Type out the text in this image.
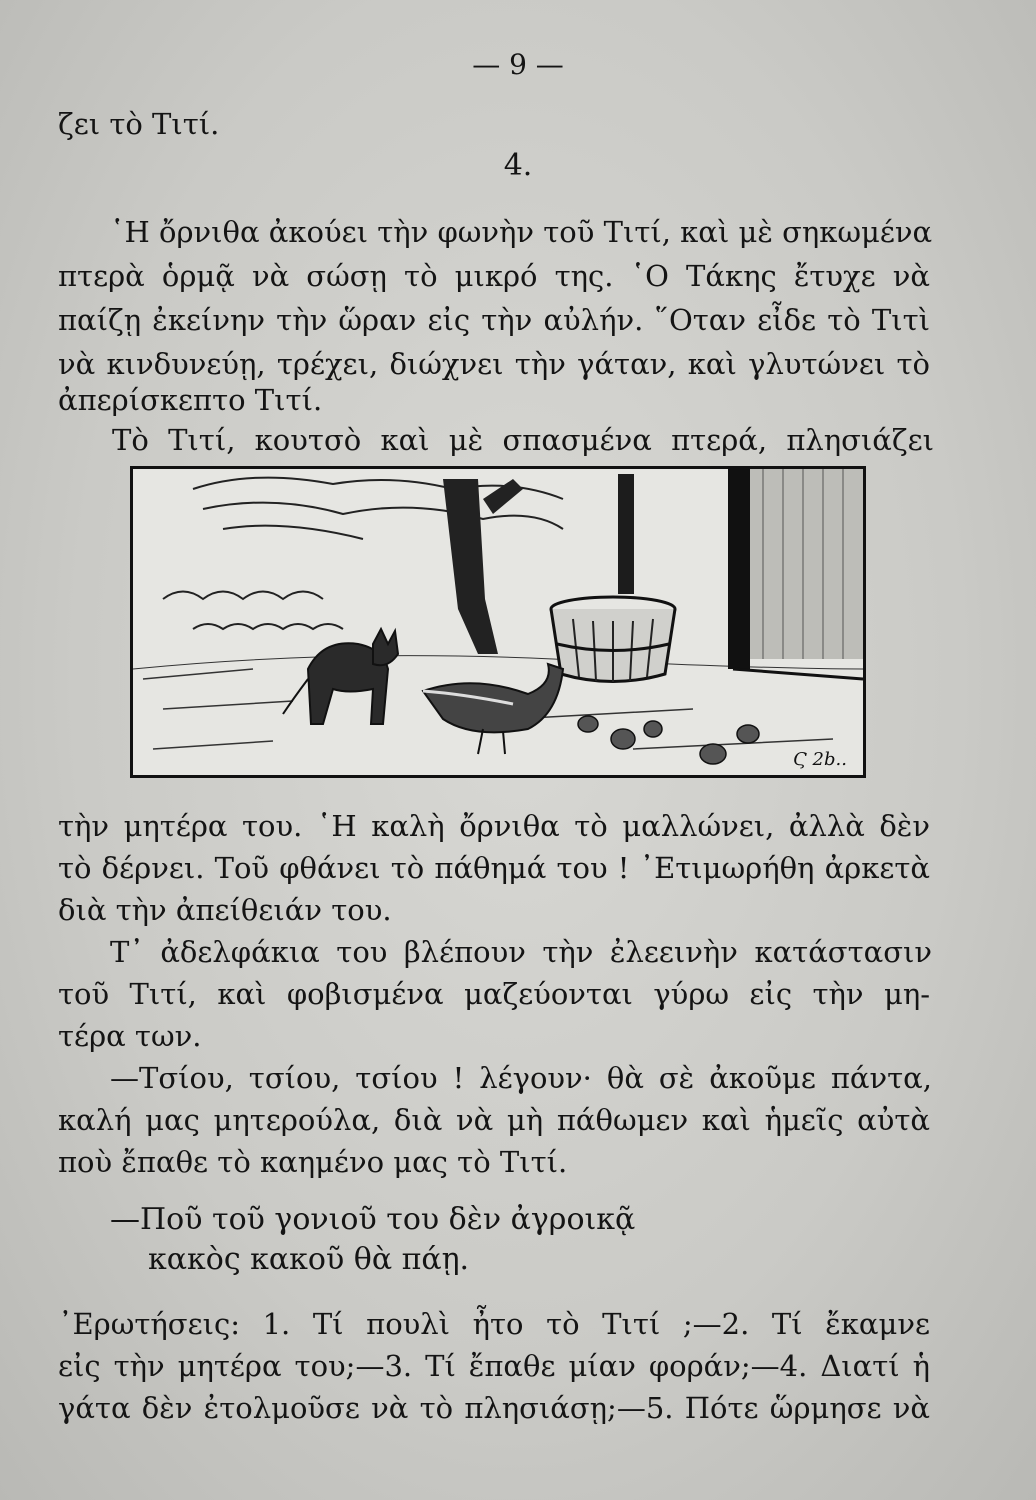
— 9 —
ζει τὸ Τιτί.
4.
῾Η ὄρνιθα ἀκούει τὴν φωνὴν τοῦ Τιτί, καὶ μὲ σηκωμένα
πτερὰ ὁρμᾷ νὰ σώσῃ τὸ μικρό της. ῾Ο Τάκης ἔτυχε νὰ
παίζῃ ἐκείνην τὴν ὥραν εἰς τὴν αὐλήν. ῞Οταν εἶδε τὸ Τιτὶ
νὰ κινδυνεύῃ, τρέχει, διώχνει τὴν γάταν, καὶ γλυτώνει τὸ
ἀπερίσκεπτο Τιτί.
Τὸ Τιτί, κουτσὸ καὶ μὲ σπασμένα πτερά, πλησιάζει
Ϛ 2b..
τὴν μητέρα του. ῾Η καλὴ ὄρνιθα τὸ μαλλώνει, ἀλλὰ δὲν
τὸ δέρνει. Τοῦ φθάνει τὸ πάθημά του ! ᾿Ετιμωρήθη ἀρκετὰ
διὰ τὴν ἀπείθειάν του.
Τ᾿ ἀδελφάκια του βλέπουν τὴν ἐλεεινὴν κατάστασιν
τοῦ Τιτί, καὶ φοβισμένα μαζεύονται γύρω εἰς τὴν μη-
τέρα των.
—Τσίου, τσίου, τσίου ! λέγουν· θὰ σὲ ἀκοῦμε πάντα,
καλή μας μητερούλα, διὰ νὰ μὴ πάθωμεν καὶ ἡμεῖς αὐτὰ
ποὺ ἔπαθε τὸ καημένο μας τὸ Τιτί.
—Ποῦ τοῦ γονιοῦ του δὲν ἀγροικᾷ
κακὸς κακοῦ θὰ πάῃ.
᾿Ερωτήσεις: 1. Τί πουλὶ ἦτο τὸ Τιτί ;—2. Τί ἔκαμνε
εἰς τὴν μητέρα του;—3. Τί ἔπαθε μίαν φοράν;—4. Διατί ἡ
γάτα δὲν ἐτολμοῦσε νὰ τὸ πλησιάσῃ;—5. Πότε ὥρμησε νὰ
